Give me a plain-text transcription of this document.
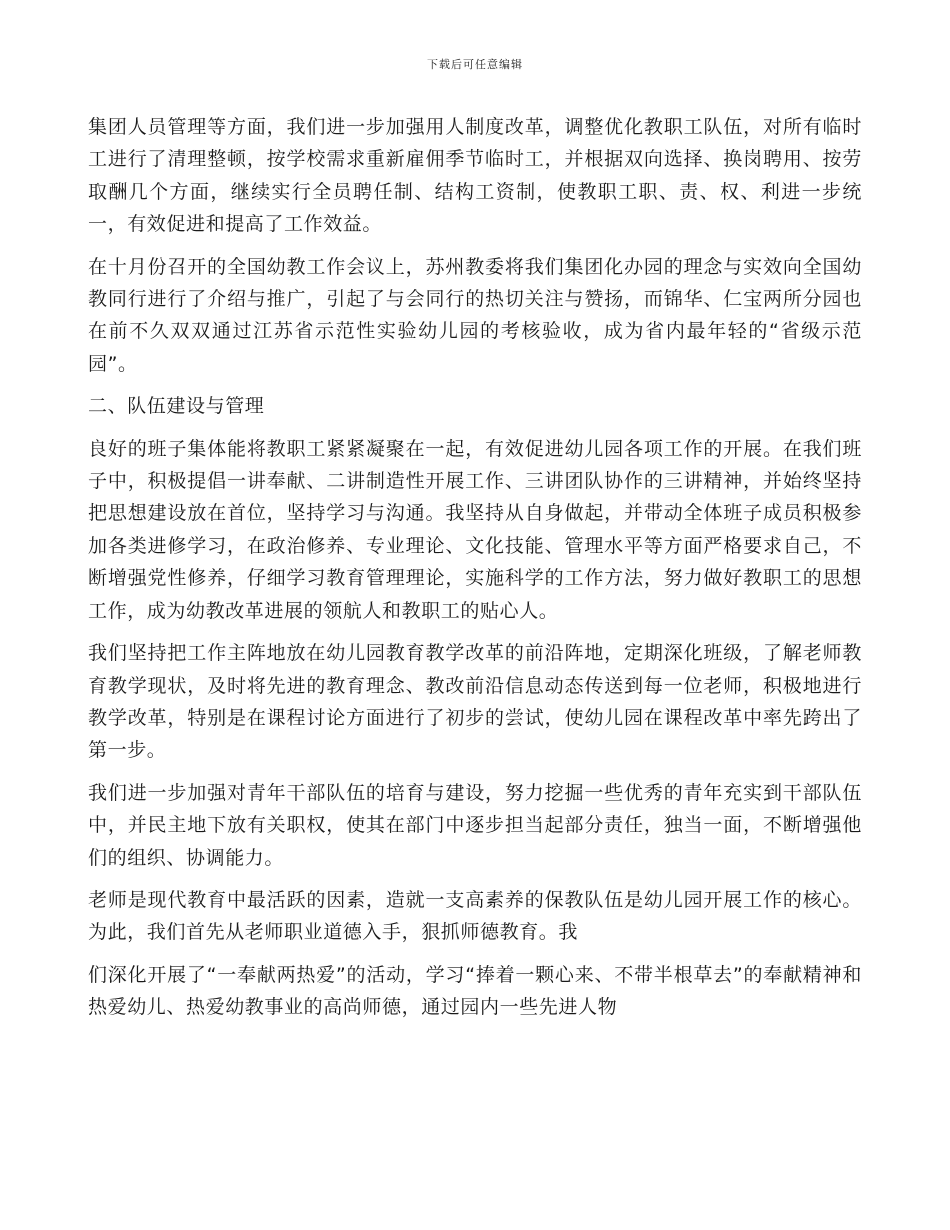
下载后可任意编辑

集团人员管理等方面，我们进一步加强用人制度改革，调整优化教职工队伍，对所有临时工进行了清理整顿，按学校需求重新雇佣季节临时工，并根据双向选择、换岗聘用、按劳取酬几个方面，继续实行全员聘任制、结构工资制，使教职工职、责、权、利进一步统一，有效促进和提高了工作效益。

在十月份召开的全国幼教工作会议上，苏州教委将我们集团化办园的理念与实效向全国幼教同行进行了介绍与推广，引起了与会同行的热切关注与赞扬，而锦华、仁宝两所分园也在前不久双双通过江苏省示范性实验幼儿园的考核验收，成为省内最年轻的“省级示范园”。

二、队伍建设与管理

良好的班子集体能将教职工紧紧凝聚在一起，有效促进幼儿园各项工作的开展。在我们班子中，积极提倡一讲奉献、二讲制造性开展工作、三讲团队协作的三讲精神，并始终坚持把思想建设放在首位，坚持学习与沟通。我坚持从自身做起，并带动全体班子成员积极参加各类进修学习，在政治修养、专业理论、文化技能、管理水平等方面严格要求自己，不断增强党性修养，仔细学习教育管理理论，实施科学的工作方法，努力做好教职工的思想工作，成为幼教改革进展的领航人和教职工的贴心人。

我们坚持把工作主阵地放在幼儿园教育教学改革的前沿阵地，定期深化班级，了解老师教育教学现状，及时将先进的教育理念、教改前沿信息动态传送到每一位老师，积极地进行教学改革，特别是在课程讨论方面进行了初步的尝试，使幼儿园在课程改革中率先跨出了第一步。

我们进一步加强对青年干部队伍的培育与建设，努力挖掘一些优秀的青年充实到干部队伍中，并民主地下放有关职权，使其在部门中逐步担当起部分责任，独当一面，不断增强他们的组织、协调能力。

老师是现代教育中最活跃的因素，造就一支高素养的保教队伍是幼儿园开展工作的核心。为此，我们首先从老师职业道德入手，狠抓师德教育。我

们深化开展了“一奉献两热爱”的活动，学习“捧着一颗心来、不带半根草去”的奉献精神和热爱幼儿、热爱幼教事业的高尚师德，通过园内一些先进人物
